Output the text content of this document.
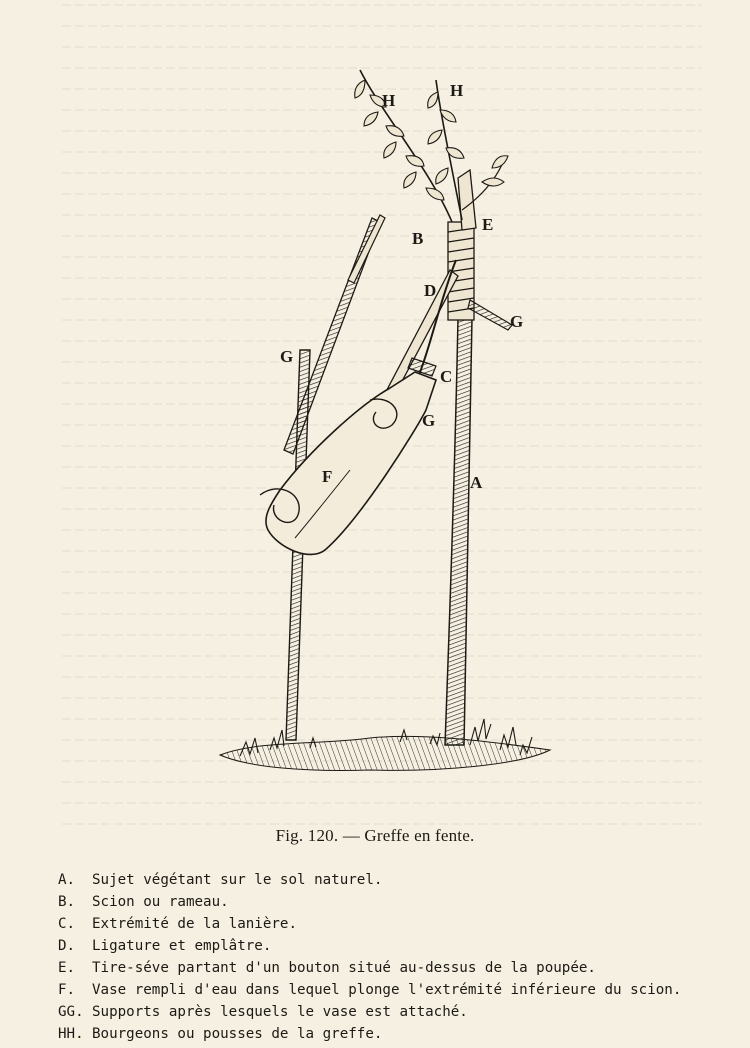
H
H
E
B
D
G
G
C
G
F	A
Fig. 120. — Greffe en fente.
A.	Sujet végétant sur le sol naturel.
B.	Scion ou rameau.
C.	Extrémité de la lanière.
D.	Ligature et emplâtre.
E.	Tire-séve partant d'un bouton situé au-dessus de la poupée.
F.	Vase rempli d'eau dans lequel plonge l'extrémité inférieure du scion.
GG. Supports après lesquels le vase est attaché.
HH. Bourgeons ou pousses de la greffe.
